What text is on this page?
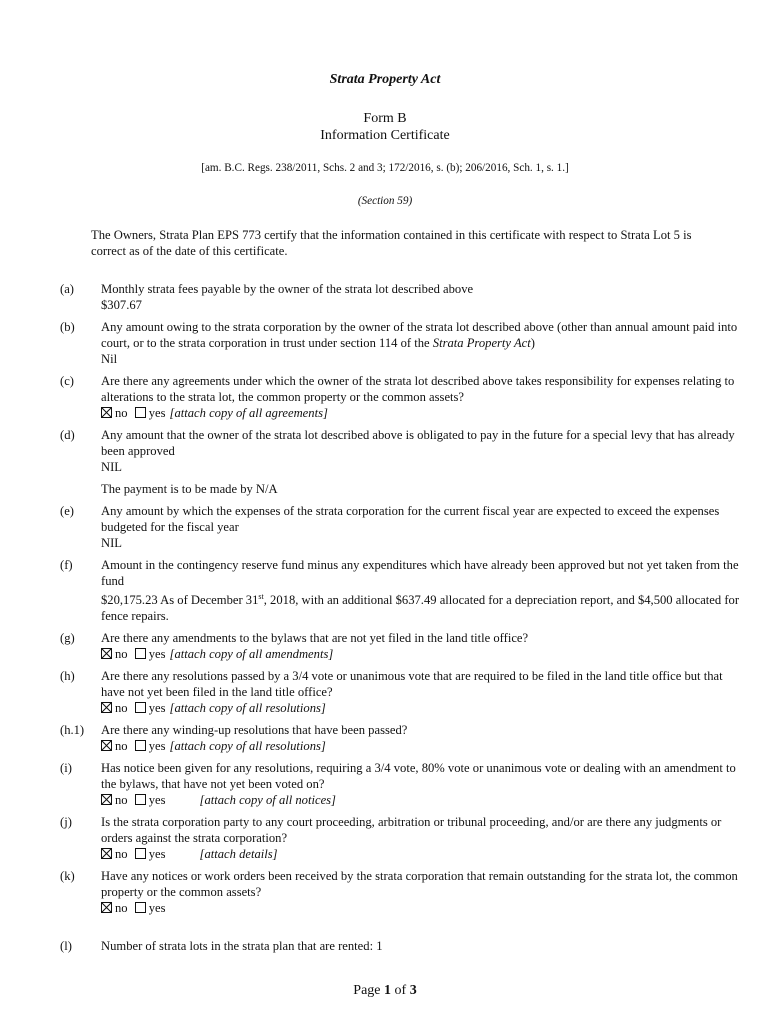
Strata Property Act
Form B
Information Certificate
[am. B.C. Regs. 238/2011, Schs. 2 and 3; 172/2016, s. (b); 206/2016, Sch. 1, s. 1.]
(Section 59)
The Owners, Strata Plan EPS 773 certify that the information contained in this certificate with respect to Strata Lot 5 is correct as of the date of this certificate.
(a) Monthly strata fees payable by the owner of the strata lot described above
$307.67
(b) Any amount owing to the strata corporation by the owner of the strata lot described above (other than annual amount paid into court, or to the strata corporation in trust under section 114 of the Strata Property Act)
Nil
(c) Are there any agreements under which the owner of the strata lot described above takes responsibility for expenses relating to alterations to the strata lot, the common property or the common assets?
no yes [attach copy of all agreements]
(d) Any amount that the owner of the strata lot described above is obligated to pay in the future for a special levy that has already been approved
NIL
The payment is to be made by N/A
(e) Any amount by which the expenses of the strata corporation for the current fiscal year are expected to exceed the expenses budgeted for the fiscal year
NIL
(f) Amount in the contingency reserve fund minus any expenditures which have already been approved but not yet taken from the fund
$20,175.23 As of December 31st, 2018, with an additional $637.49 allocated for a depreciation report, and $4,500 allocated for fence repairs.
(g) Are there any amendments to the bylaws that are not yet filed in the land title office?
no yes [attach copy of all amendments]
(h) Are there any resolutions passed by a 3/4 vote or unanimous vote that are required to be filed in the land title office but that have not yet been filed in the land title office?
no yes [attach copy of all resolutions]
(h.1) Are there any winding-up resolutions that have been passed?
no yes [attach copy of all resolutions]
(i) Has notice been given for any resolutions, requiring a 3/4 vote, 80% vote or unanimous vote or dealing with an amendment to the bylaws, that have not yet been voted on?
no yes	[attach copy of all notices]
(j) Is the strata corporation party to any court proceeding, arbitration or tribunal proceeding, and/or are there any judgments or orders against the strata corporation?
no yes	[attach details]
(k) Have any notices or work orders been received by the strata corporation that remain outstanding for the strata lot, the common property or the common assets?
no yes
(l) Number of strata lots in the strata plan that are rented: 1
Page 1 of 3
